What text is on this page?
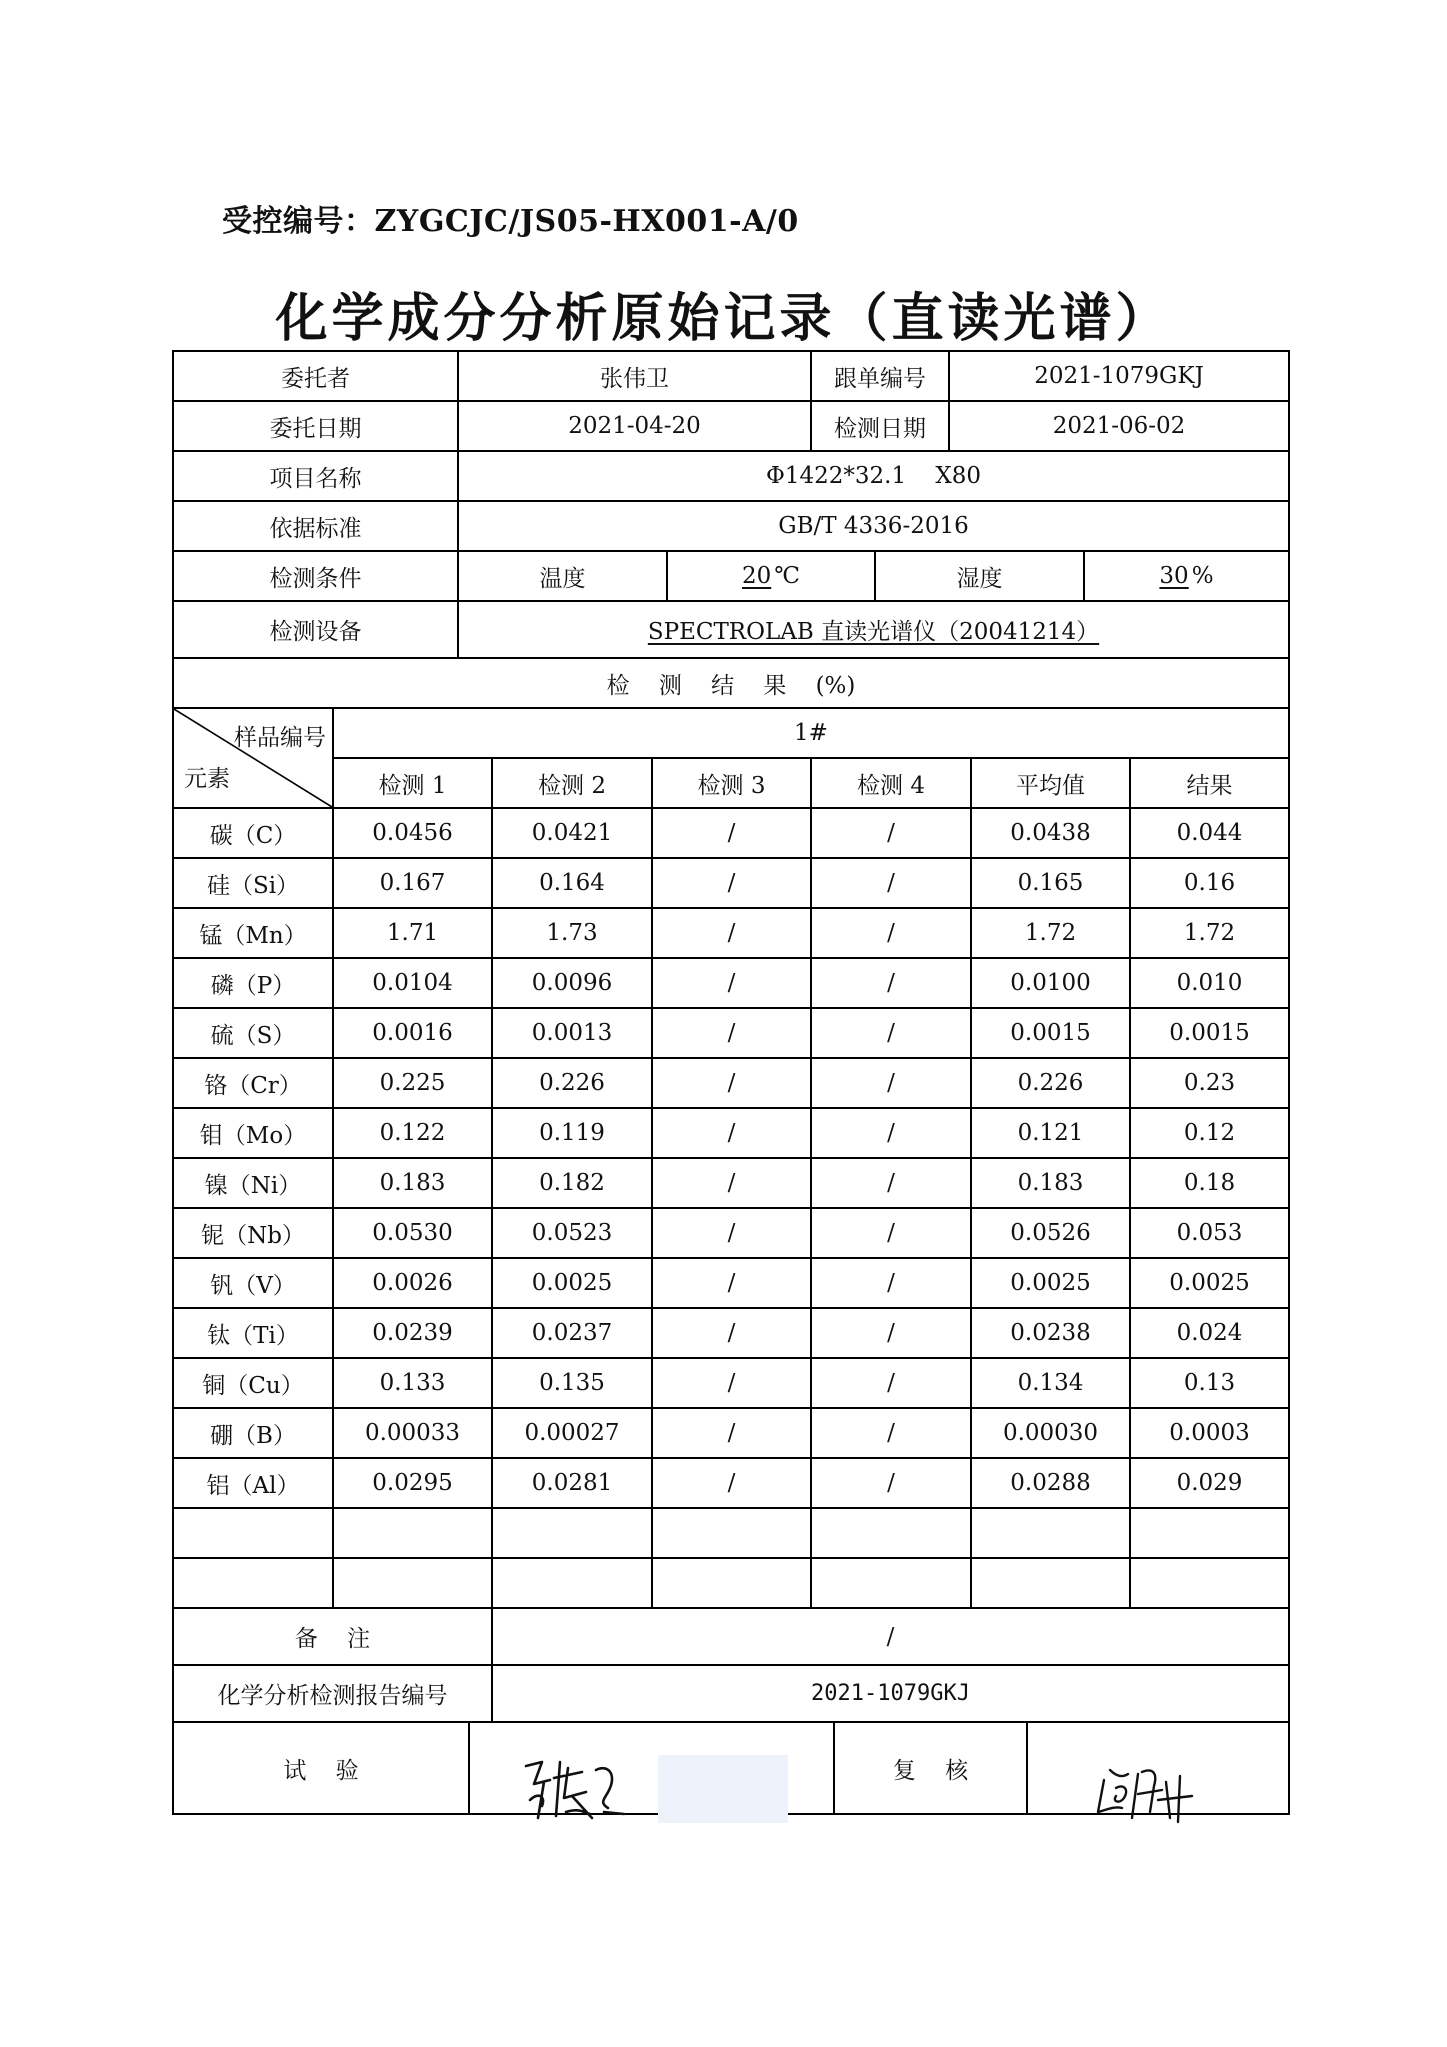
受控编号：ZYGCJC/JS05-HX001-A/0
化学成分分析原始记录（直读光谱）
委托者	张伟卫	跟单编号	2021-1079GKJ
委托日期	2021-04-20	检测日期	2021-06-02
项目名称	Φ1422*32.1    X80
依据标准	GB/T 4336-2016
检测条件	温度	20 ℃	湿度	30 %
检测设备	SPECTROLAB 直读光谱仪（20041214）
检    测    结    果    (%)
样品编号
元素
1#
检测 1	检测 2	检测 3	检测 4	平均值	结果
碳（C）	0.0456	0.0421	/	/	0.0438	0.044
硅（Si）	0.167	0.164	/	/	0.165	0.16
锰（Mn）	1.71	1.73	/	/	1.72	1.72
磷（P）	0.0104	0.0096	/	/	0.0100	0.010
硫（S）	0.0016	0.0013	/	/	0.0015	0.0015
铬（Cr）	0.225	0.226	/	/	0.226	0.23
钼（Mo）	0.122	0.119	/	/	0.121	0.12
镍（Ni）	0.183	0.182	/	/	0.183	0.18
铌（Nb）	0.0530	0.0523	/	/	0.0526	0.053
钒（V）	0.0026	0.0025	/	/	0.0025	0.0025
钛（Ti）	0.0239	0.0237	/	/	0.0238	0.024
铜（Cu）	0.133	0.135	/	/	0.134	0.13
硼（B）	0.00033	0.00027	/	/	0.00030	0.0003
铝（Al）	0.0295	0.0281	/	/	0.0288	0.029
备    注	/
化学分析检测报告编号	2021-1079GKJ
试    验	复    核
